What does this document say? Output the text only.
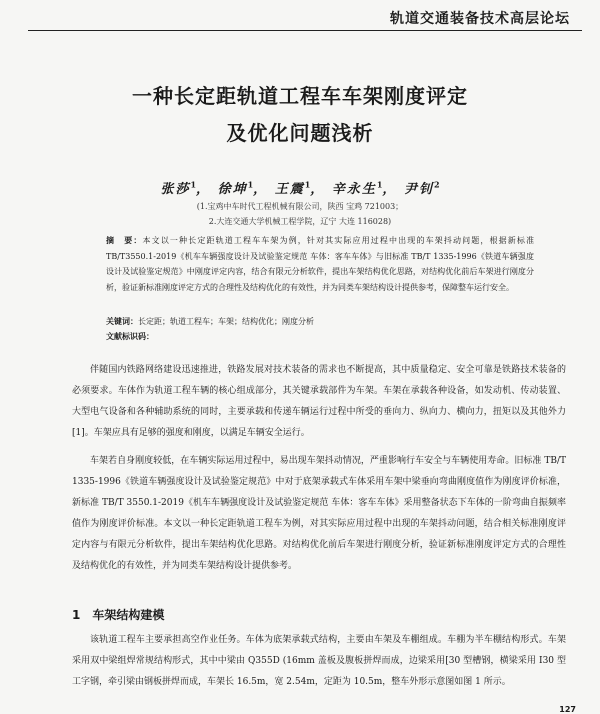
轨道交通装备技术高层论坛
一种长定距轨道工程车车架刚度评定
及优化问题浅析
张莎$^1$， 徐坤$^1$， 王震$^1$， 辛永生$^1$， 尹钊$^2$
(1.宝鸡中车时代工程机械有限公司，陕西 宝鸡 721003；
2.大连交通大学机械工程学院，辽宁 大连 116028)
摘　要：本文以一种长定距轨道工程车车架为例，针对其实际应用过程中出现的车架抖动问题，根据新标准 TB/T3550.1-2019《机车车辆强度设计及试验鉴定规范 车体：客车车体》与旧标准 TB/T 1335-1996《铁道车辆强度设计及试验鉴定规范》中刚度评定内容，结合有限元分析软件，提出车架结构优化思路，对结构优化前后车架进行刚度分析，验证新标准刚度评定方式的合理性及结构优化的有效性，并为同类车架结构设计提供参考，保障整车运行安全。
关键词：长定距；轨道工程车；车架；结构优化；刚度分析
文献标识码：

伴随国内铁路网络建设迅速推进，铁路发展对技术装备的需求也不断提高，其中质量稳定、安全可靠是铁路技术装备的必须要求。车体作为轨道工程车辆的核心组成部分，其关键承载部件为车架。车架在承载各种设备，如发动机、传动装置、大型电气设备和各种辅助系统的同时，主要承载和传递车辆运行过程中所受的垂向力、纵向力、横向力，扭矩以及其他外力[1]。车架应具有足够的强度和刚度，以满足车辆安全运行。

车架若自身刚度较低，在车辆实际运用过程中，易出现车架抖动情况，严重影响行车安全与车辆使用寿命。旧标准 TB/T 1335-1996《铁道车辆强度设计及试验鉴定规范》中对于底架承载式车体采用车架中梁垂向弯曲刚度值作为刚度评价标准，新标准 TB/T 3550.1-2019《机车车辆强度设计及试验鉴定规范 车体：客车车体》采用整备状态下车体的一阶弯曲自振频率值作为刚度评价标准。本文以一种长定距轨道工程车为例，对其实际应用过程中出现的车架抖动问题，结合相关标准刚度评定内容与有限元分析软件，提出车架结构优化思路。对结构优化前后车架进行刚度分析，验证新标准刚度评定方式的合理性及结构优化的有效性，并为同类车架结构设计提供参考。

1　车架结构建模

该轨道工程车主要承担高空作业任务。车体为底架承载式结构，主要由车架及车棚组成。车棚为半车棚结构形式。车架采用双中梁组焊常规结构形式，其中中梁由 Q355D (16mm 盖板及腹板拼焊而成，边梁采用[30 型槽钢，横梁采用 I30 型工字钢，牵引梁由钢板拼焊而成，车架长 16.5m，宽 2.54m，定距为 10.5m，整车外形示意图如图 1 所示。

127
